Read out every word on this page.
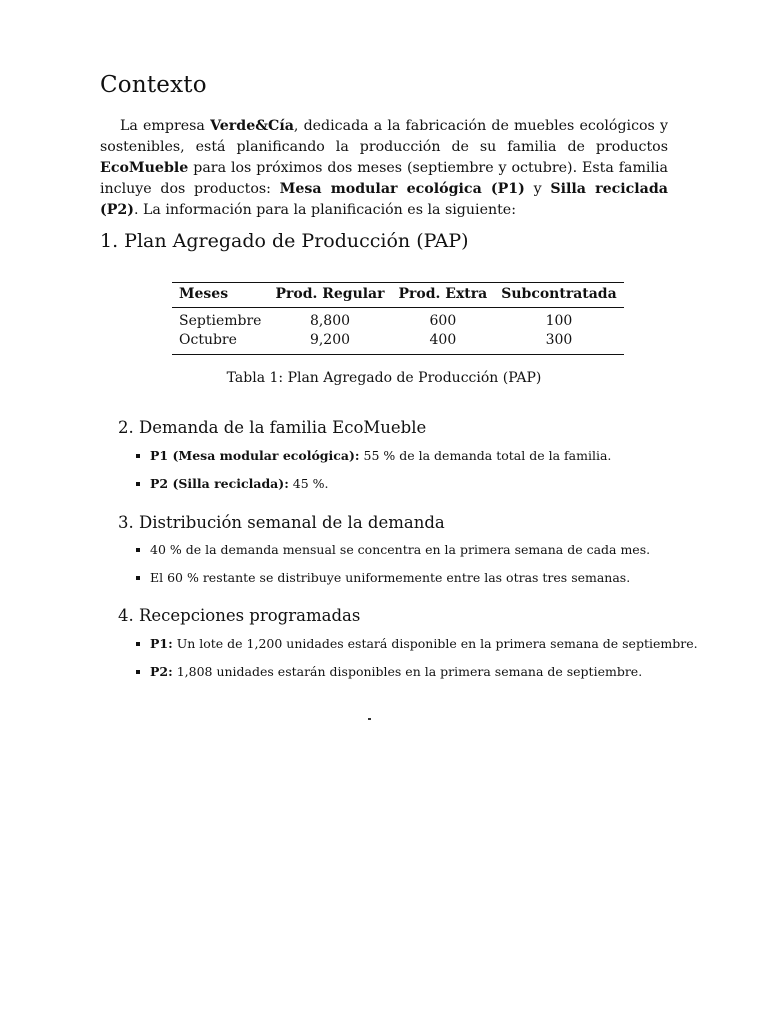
Contexto

La empresa Verde&Cía, dedicada a la fabricación de muebles ecológicos y sostenibles, está planificando la producción de su familia de productos EcoMueble para los próximos dos meses (septiembre y octubre). Esta familia incluye dos productos: Mesa modular ecológica (P1) y Silla reciclada (P2). La información para la planificación es la siguiente:

1. Plan Agregado de Producción (PAP)
Meses	Prod. Regular	Prod. Extra	Subcontratada
Septiembre	8,800	600	100
Octubre	9,200	400	300
Tabla 1: Plan Agregado de Producción (PAP)
2. Demanda de la familia EcoMueble
P1 (Mesa modular ecológica): 55 % de la demanda total de la familia.
P2 (Silla reciclada): 45 %.
3. Distribución semanal de la demanda
40 % de la demanda mensual se concentra en la primera semana de cada mes.
El 60 % restante se distribuye uniformemente entre las otras tres semanas.
4. Recepciones programadas
P1: Un lote de 1,200 unidades estará disponible en la primera semana de septiembre.
P2: 1,808 unidades estarán disponibles en la primera semana de septiembre.
